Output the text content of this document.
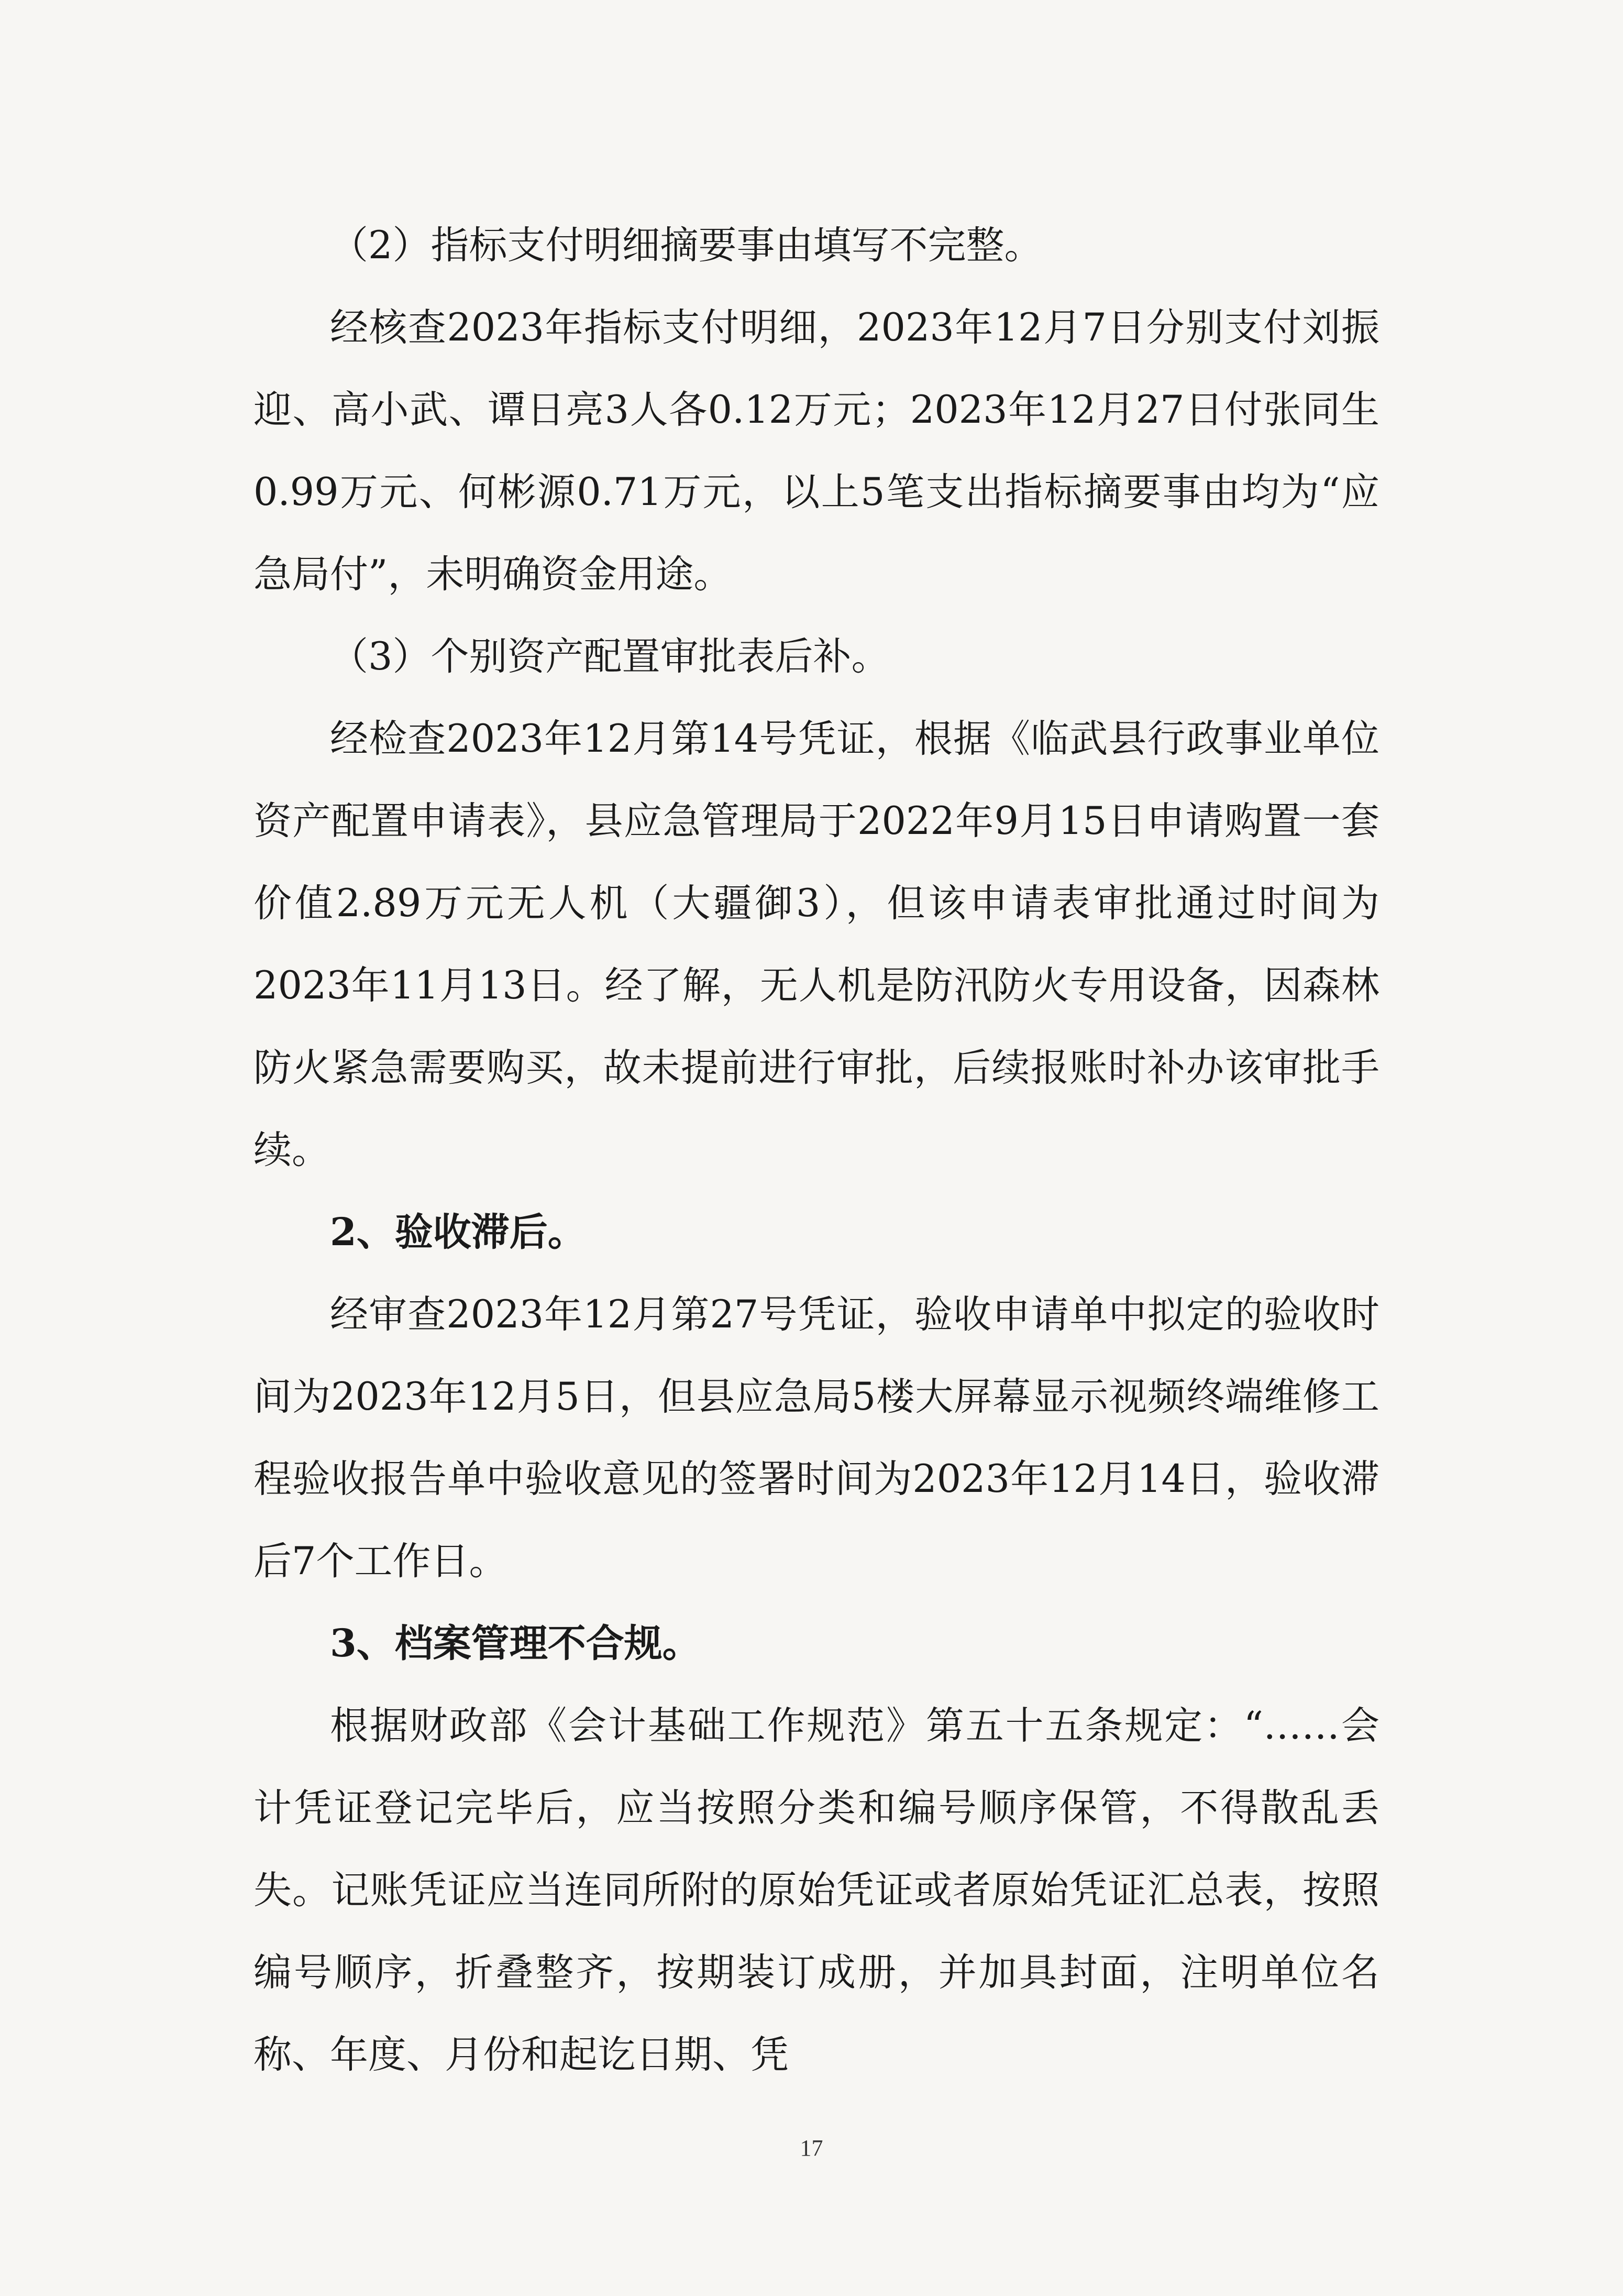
（2）指标支付明细摘要事由填写不完整。

经核查2023年指标支付明细，2023年12月7日分别支付刘振迎、高小武、谭日亮3人各0.12万元；2023年12月27日付张同生0.99万元、何彬源0.71万元，以上5笔支出指标摘要事由均为“应急局付”，未明确资金用途。

（3）个别资产配置审批表后补。

经检查2023年12月第14号凭证，根据《临武县行政事业单位资产配置申请表》，县应急管理局于2022年9月15日申请购置一套价值2.89万元无人机（大疆御3），但该申请表审批通过时间为2023年11月13日。经了解，无人机是防汛防火专用设备，因森林防火紧急需要购买，故未提前进行审批，后续报账时补办该审批手续。

2、验收滞后。

经审查2023年12月第27号凭证，验收申请单中拟定的验收时间为2023年12月5日，但县应急局5楼大屏幕显示视频终端维修工程验收报告单中验收意见的签署时间为2023年12月14日，验收滞后7个工作日。

3、档案管理不合规。

根据财政部《会计基础工作规范》第五十五条规定：“……会计凭证登记完毕后，应当按照分类和编号顺序保管，不得散乱丢失。记账凭证应当连同所附的原始凭证或者原始凭证汇总表，按照编号顺序，折叠整齐，按期装订成册，并加具封面，注明单位名称、年度、月份和起讫日期、凭

17
